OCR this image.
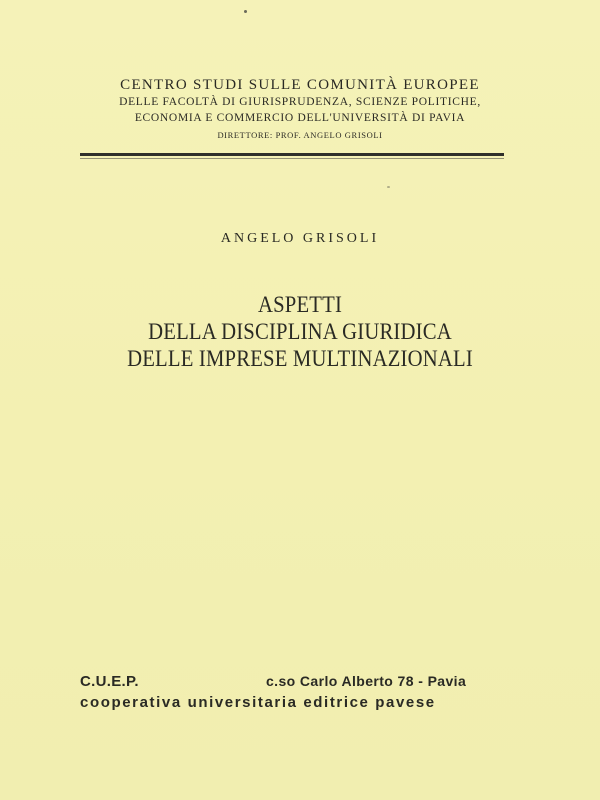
CENTRO STUDI SULLE COMUNITÀ EUROPEE
DELLE FACOLTÀ DI GIURISPRUDENZA, SCIENZE POLITICHE,
ECONOMIA E COMMERCIO DELL'UNIVERSITÀ DI PAVIA
DIRETTORE: PROF. ANGELO GRISOLI
ANGELO GRISOLI
ASPETTI
DELLA DISCIPLINA GIURIDICA
DELLE IMPRESE MULTINAZIONALI
C.U.E.P.	c.so Carlo Alberto 78 - Pavia
cooperativa universitaria editrice pavese
